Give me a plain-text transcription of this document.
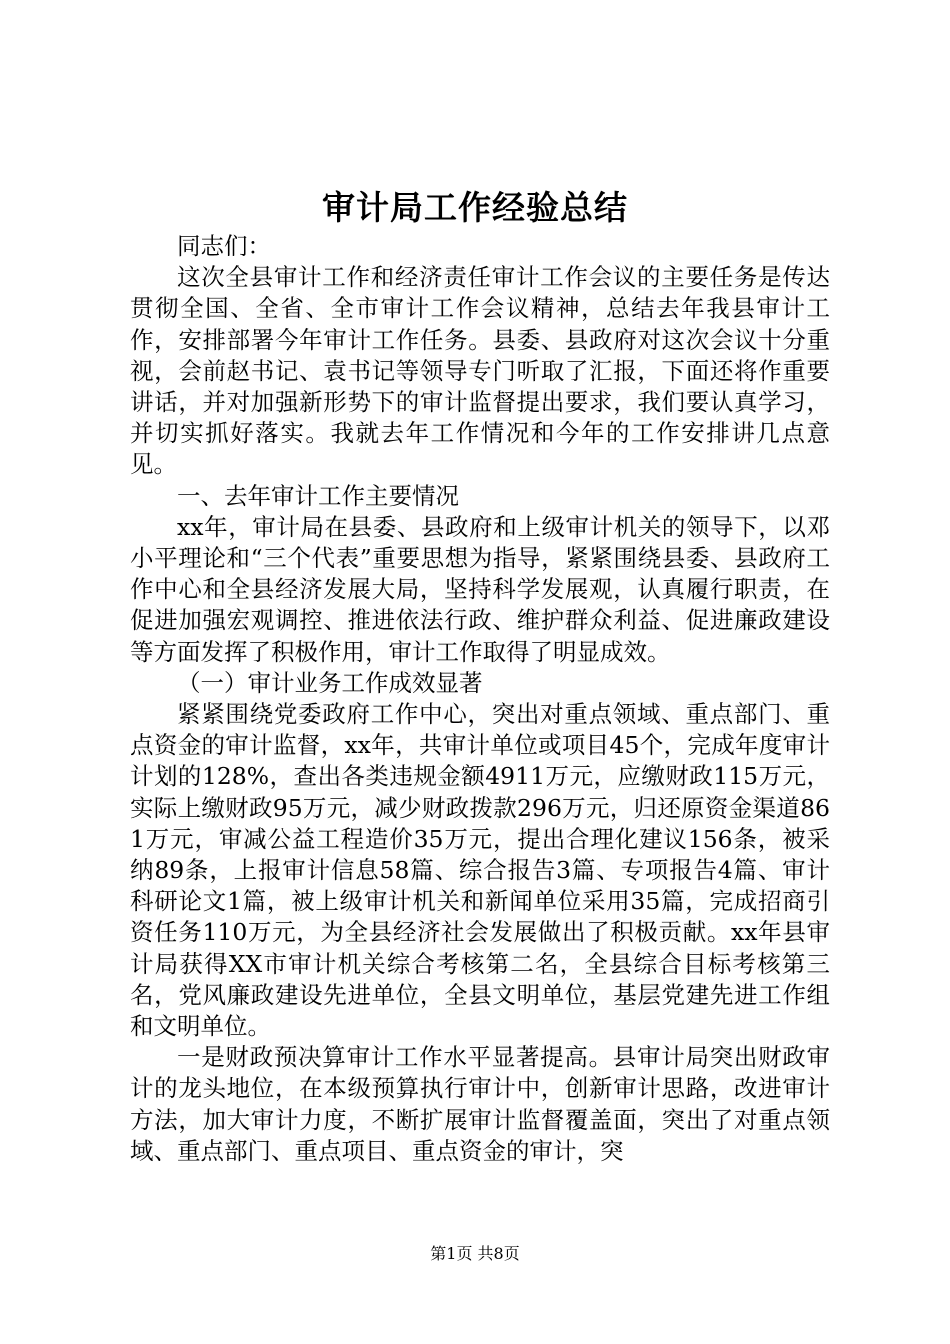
审计局工作经验总结

同志们：

这次全县审计工作和经济责任审计工作会议的主要任务是传达贯彻全国、全省、全市审计工作会议精神，总结去年我县审计工作，安排部署今年审计工作任务。县委、县政府对这次会议十分重视，会前赵书记、袁书记等领导专门听取了汇报，下面还将作重要讲话，并对加强新形势下的审计监督提出要求，我们要认真学习，并切实抓好落实。我就去年工作情况和今年的工作安排讲几点意见。

一、去年审计工作主要情况

xx年，审计局在县委、县政府和上级审计机关的领导下，以邓小平理论和“三个代表”重要思想为指导，紧紧围绕县委、县政府工作中心和全县经济发展大局，坚持科学发展观，认真履行职责，在促进加强宏观调控、推进依法行政、维护群众利益、促进廉政建设等方面发挥了积极作用，审计工作取得了明显成效。

（一）审计业务工作成效显著

紧紧围绕党委政府工作中心，突出对重点领域、重点部门、重点资金的审计监督，xx年，共审计单位或项目45个，完成年度审计计划的128%，查出各类违规金额4911万元，应缴财政115万元，实际上缴财政95万元，减少财政拨款296万元，归还原资金渠道861万元，审减公益工程造价35万元，提出合理化建议156条，被采纳89条，上报审计信息58篇、综合报告3篇、专项报告4篇、审计科研论文1篇，被上级审计机关和新闻单位采用35篇，完成招商引资任务110万元，为全县经济社会发展做出了积极贡献。xx年县审计局获得XX市审计机关综合考核第二名，全县综合目标考核第三名，党风廉政建设先进单位，全县文明单位，基层党建先进工作组和文明单位。

一是财政预决算审计工作水平显著提高。县审计局突出财政审计的龙头地位，在本级预算执行审计中，创新审计思路，改进审计方法，加大审计力度，不断扩展审计监督覆盖面，突出了对重点领域、重点部门、重点项目、重点资金的审计，突

第1页 共8页
